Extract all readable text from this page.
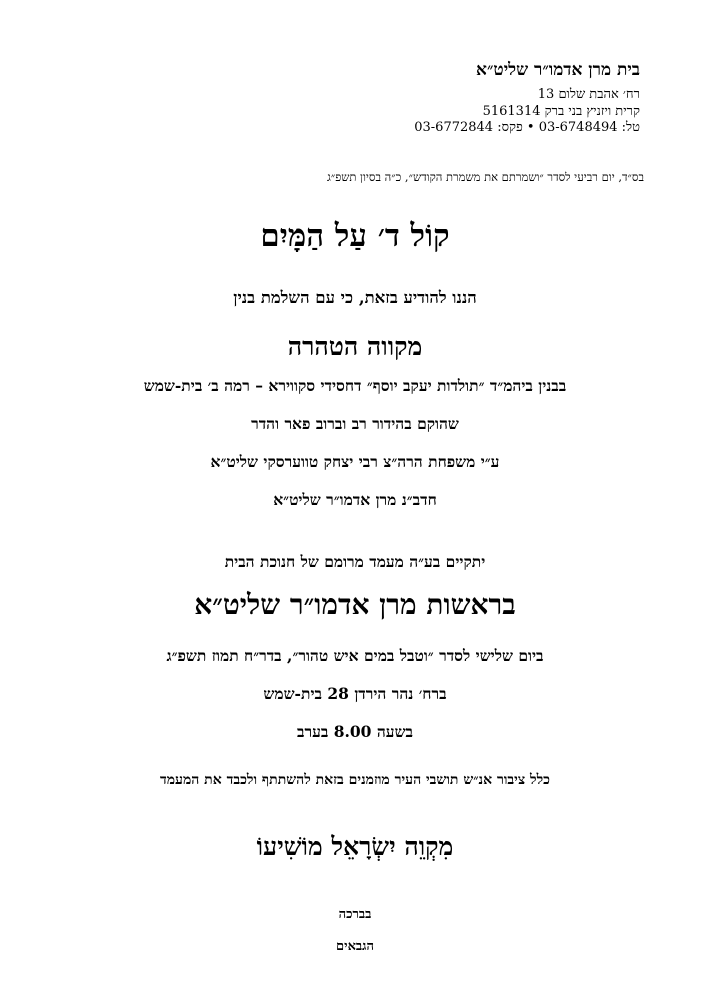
בית מרן אדמו״ר שליט״א
רח׳ אהבת שלום 13
קרית ויזניץ בני ברק 5161314
טל: 03-6748494 • פקס: 03-6772844
בס״ד, יום רביעי לסדר ״ושמרתם את משמרת הקודש״, כ״ה בסיון תשפ״ג
קוֹל ד׳ עַל הַמָּיִם
הננו להודיע בזאת, כי עם השלמת בנין
מקווה הטהרה
בבנין ביהמ״ד ״תולדות יעקב יוסף״ דחסידי סקווירא – רמה ב׳ בית-שמש
שהוקם בהידור רב וברוב פאר והדר
ע״י משפחת הרה״צ רבי יצחק טווערסקי שליט״א
חדב״נ מרן אדמו״ר שליט״א
יתקיים בע״ה מעמד מרומם של חנוכת הבית
בראשות מרן אדמו״ר שליט״א
ביום שלישי לסדר ״וטבל במים איש טהור״, בדר״ח תמוז תשפ״ג
ברח׳ נהר הירדן 28 בית-שמש
בשעה 8.00 בערב
כלל ציבור אנ״ש תושבי העיר מוזמנים בזאת להשתתף ולכבד את המעמד
מִקְוֵה יִשְׂרָאֵל מוֹשִׁיעוֹ
בברכה
הגבאים
